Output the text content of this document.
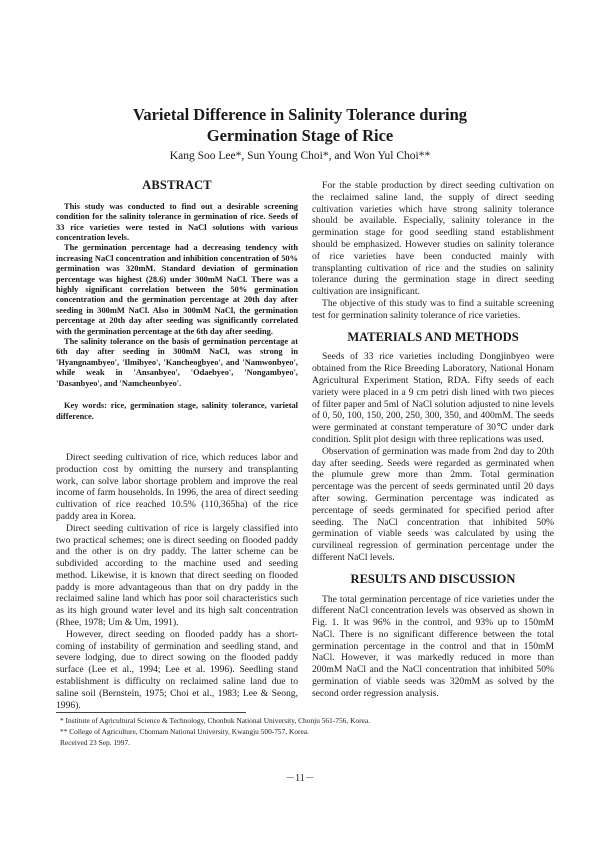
Varietal Difference in Salinity Tolerance during
Germination Stage of Rice
Kang Soo Lee*, Sun Young Choi*, and Won Yul Choi**
ABSTRACT

This study was conducted to find out a desirable screening condition for the salinity tolerance in germination of rice. Seeds of 33 rice varieties were tested in NaCl solutions with various concentration levels.

The germination percentage had a decreasing tendency with increasing NaCl concentration and inhibition concentration of 50% germination was 320mM. Standard deviation of germination percentage was highest (28.6) under 300mM NaCl. There was a highly significant correlation between the 50% germination concentration and the germination percentage at 20th day after seeding in 300mM NaCl. Also in 300mM NaCl, the germination percentage at 20th day after seeding was significantly correlated with the germination percentage at the 6th day after seeding.

The salinity tolerance on the basis of germination percentage at 6th day after seeding in 300mM NaCl, was strong in 'Hyangnambyeo', 'Ilmibyeo', 'Kancheogbyeo', and 'Namwonbyeo', while weak in 'Ansanbyeo', 'Odaebyeo', 'Nongambyeo', 'Dasanbyeo', and 'Namcheonbyeo'.

Key words: rice, germination stage, salinity tolerance, varietal difference.

Direct seeding cultivation of rice, which reduces labor and production cost by omitting the nursery and transplanting work, can solve labor shortage problem and improve the real income of farm households. In 1996, the area of direct seeding cultivation of rice reached 10.5% (110,365ha) of the rice paddy area in Korea.

Direct seeding cultivation of rice is largely classified into two practical schemes; one is direct seeding on flooded paddy and the other is on dry paddy. The latter scheme can be subdivided according to the machine used and seeding method. Likewise, it is known that direct seeding on flooded paddy is more advantageous than that on dry paddy in the reclaimed saline land which has poor soil characteristics such as its high ground water level and its high salt concentration (Rhee, 1978; Um & Um, 1991).

However, direct seeding on flooded paddy has a short-coming of instability of germination and seedling stand, and severe lodging, due to direct sowing on the flooded paddy surface (Lee et al., 1994; Lee et al. 1996). Seedling stand establishment is difficulty on reclaimed saline land due to saline soil (Bernstein, 1975; Choi et al., 1983; Lee & Seong, 1996).

For the stable production by direct seeding cultivation on the reclaimed saline land, the supply of direct seeding cultivation varieties which have strong salinity tolerance should be available. Especially, salinity tolerance in the germination stage for good seedling stand establishment should be emphasized. However studies on salinity tolerance of rice varieties have been conducted mainly with transplanting cultivation of rice and the studies on salinity tolerance during the germination stage in direct seeding cultivation are insignificant.

The objective of this study was to find a suitable screening test for germination salinity tolerance of rice varieties.

MATERIALS AND METHODS

Seeds of 33 rice varieties including Dongjinbyeo were obtained from the Rice Breeding Laboratory, National Honam Agricultural Experiment Station, RDA. Fifty seeds of each variety were placed in a 9 cm petri dish lined with two pieces of filter paper and 5ml of NaCl solution adjusted to nine levels of 0, 50, 100, 150, 200, 250, 300, 350, and 400mM. The seeds were germinated at constant temperature of 30℃ under dark condition. Split plot design with three replications was used.

Observation of germination was made from 2nd day to 20th day after seeding. Seeds were regarded as germinated when the plumule grew more than 2mm. Total germination percentage was the percent of seeds germinated until 20 days after sowing. Germination percentage was indicated as percentage of seeds germinated for specified period after seeding. The NaCl concentration that inhibited 50% germination of viable seeds was calculated by using the curvilineal regression of germination percentage under the different NaCl levels.

RESULTS AND DISCUSSION

The total germination percentage of rice varieties under the different NaCl concentration levels was observed as shown in Fig. 1. It was 96% in the control, and 93% up to 150mM NaCl. There is no significant difference between the total germination percentage in the control and that in 150mM NaCl. However, it was markedly reduced in more than 200mM NaCl and the NaCl concentration that inhibited 50% germination of viable seeds was 320mM as solved by the second order regression analysis.

* Institute of Agricultural Science & Technology, Chonbuk National University, Chonju 561-756, Korea.
** College of Agriculture, Chonnam National University, Kwangju 500-757, Korea.
Received 23 Sep. 1997.
－11－
